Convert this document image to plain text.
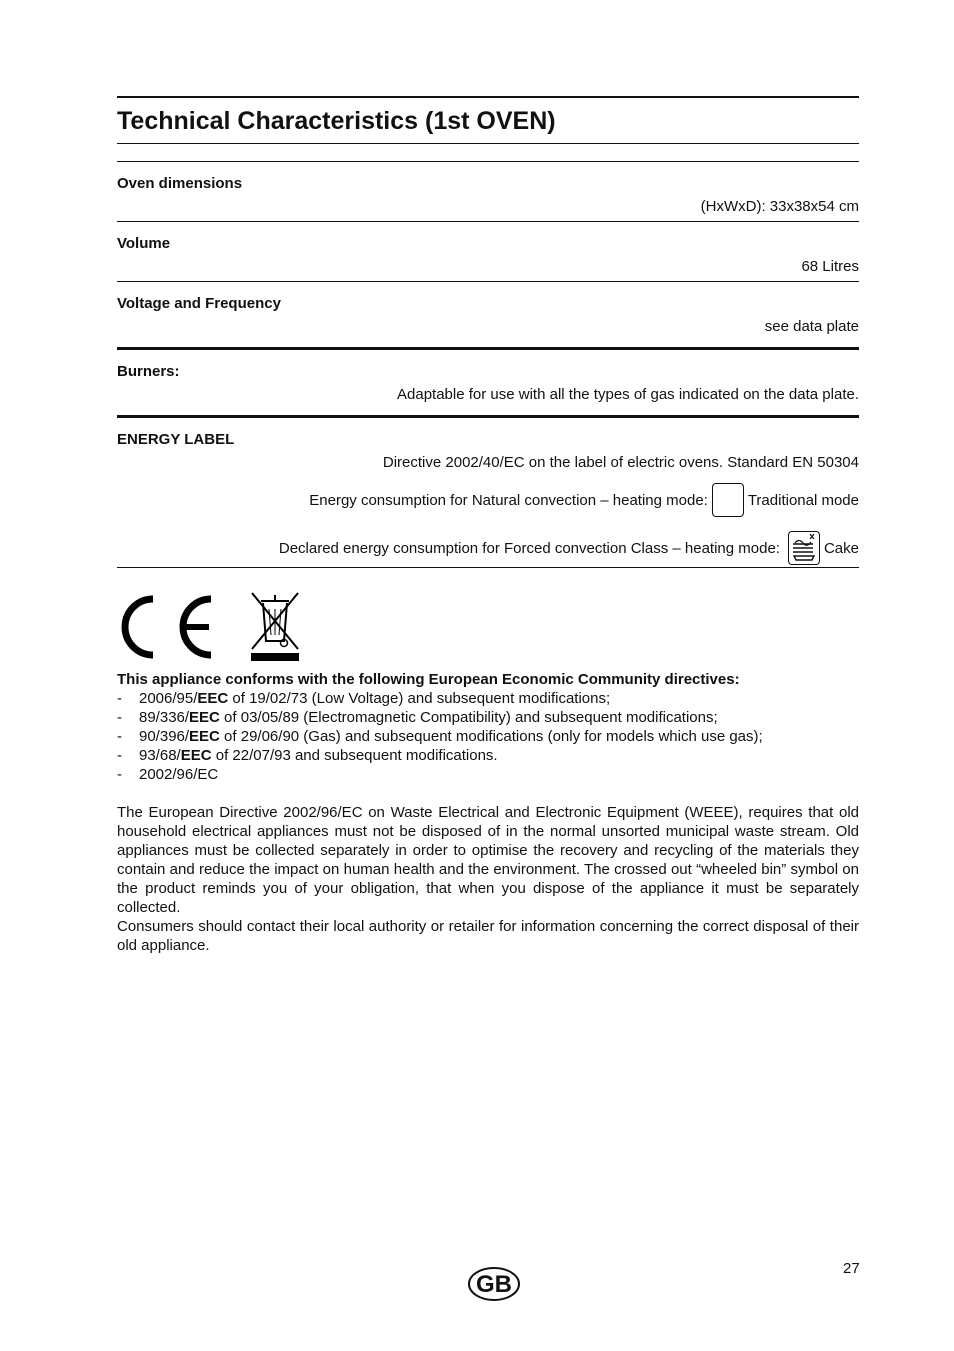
Technical Characteristics (1st OVEN)
Oven dimensions
(HxWxD): 33x38x54 cm
Volume
68 Litres
Voltage and Frequency
see data plate
Burners:
Adaptable for use with all the types of gas indicated on the data plate.
ENERGY LABEL
Directive 2002/40/EC on the label of electric ovens. Standard EN 50304
Energy consumption for Natural convection – heating mode:	Traditional mode
Declared energy consumption for Forced convection Class – heating mode:	Cake
This appliance conforms with the following European Economic Community directives:
- 2006/95/EEC of 19/02/73 (Low Voltage) and subsequent modifications;
- 89/336/EEC of 03/05/89 (Electromagnetic Compatibility) and subsequent modifications;
- 90/396/EEC of 29/06/90 (Gas) and subsequent modifications (only for models which use gas);
- 93/68/EEC of 22/07/93 and subsequent modifications.
- 2002/96/EC

The European Directive 2002/96/EC on Waste Electrical and Electronic Equipment (WEEE), requires that old household electrical appliances must not be disposed of in the normal unsorted municipal waste stream. Old appliances must be collected separately in order to optimise the recovery and recycling of the materials they contain and reduce the impact on human health and the environment. The crossed out “wheeled bin” symbol on the product reminds you of your obligation, that when you dispose of the appliance it must be separately collected.

Consumers should contact their local authority or retailer for information concerning the correct disposal of their old appliance.

27
GB
